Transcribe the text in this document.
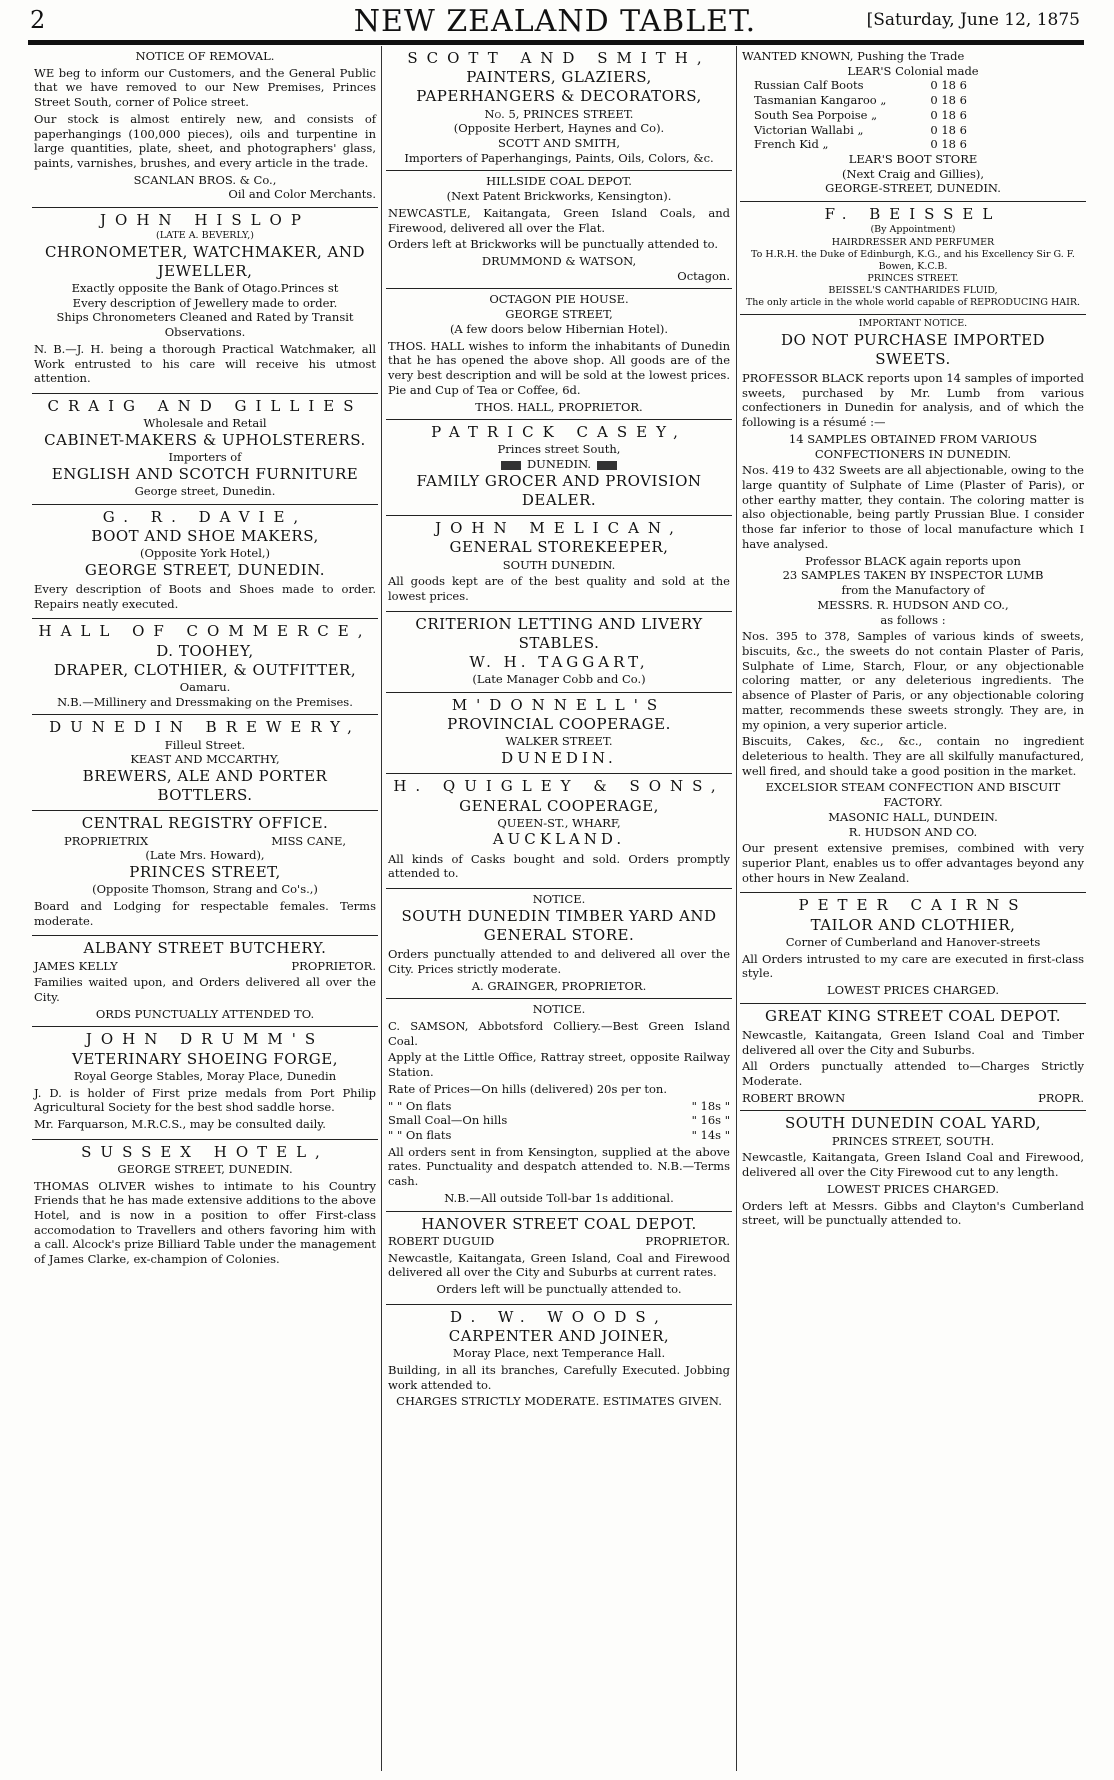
2	NEW ZEALAND TABLET.	[Saturday, June 12, 1875
NOTICE OF REMOVAL.

WE beg to inform our Customers, and the General Public that we have removed to our New Premises, Princes Street South, corner of Police street.

Our stock is almost entirely new, and consists of paperhangings (100,000 pieces), oils and turpentine in large quantities, plate, sheet, and photographers' glass, paints, varnishes, brushes, and every article in the trade.

SCANLAN BROS. & Co.,
Oil and Color Merchants.
JOHN HISLOP
(LATE A. BEVERLY,)
CHRONOMETER, WATCHMAKER, AND JEWELLER,
Exactly opposite the Bank of Otago.Princes st
Every description of Jewellery made to order.
Ships Chronometers Cleaned and Rated by Transit Observations.

N. B.—J. H. being a thorough Practical Watchmaker, all Work entrusted to his care will receive his utmost attention.

CRAIG AND GILLIES
Wholesale and Retail
CABINET-MAKERS & UPHOLSTERERS.
Importers of
ENGLISH AND SCOTCH FURNITURE
George street, Dunedin.
G. R. DAVIE,
BOOT AND SHOE MAKERS,
(Opposite York Hotel,)
GEORGE STREET, DUNEDIN.

Every description of Boots and Shoes made to order. Repairs neatly executed.

HALL OF COMMERCE,
D. TOOHEY,
DRAPER, CLOTHIER, & OUTFITTER,
Oamaru.
N.B.—Millinery and Dressmaking on the Premises.
DUNEDIN BREWERY,
Filleul Street.
KEAST AND MCCARTHY,
BREWERS, ALE AND PORTER
BOTTLERS.
CENTRAL REGISTRY OFFICE.
PROPRIETRIX	MISS CANE,
(Late Mrs. Howard),
PRINCES STREET,
(Opposite Thomson, Strang and Co's.,)

Board and Lodging for respectable females. Terms moderate.

ALBANY STREET BUTCHERY.
JAMES KELLY	PROPRIETOR.

Families waited upon, and Orders delivered all over the City.

ORDS PUNCTUALLY ATTENDED TO.
JOHN DRUMM'S
VETERINARY SHOEING FORGE,
Royal George Stables, Moray Place, Dunedin

J. D. is holder of First prize medals from Port Philip Agricultural Society for the best shod saddle horse.

Mr. Farquarson, M.R.C.S., may be consulted daily.

SUSSEX HOTEL,
GEORGE STREET, DUNEDIN.

THOMAS OLIVER wishes to intimate to his Country Friends that he has made extensive additions to the above Hotel, and is now in a position to offer First-class accomodation to Travellers and others favoring him with a call. Alcock's prize Billiard Table under the management of James Clarke, ex-champion of Colonies.

SCOTT AND SMITH,
PAINTERS, GLAZIERS,
PAPERHANGERS & DECORATORS,
No. 5, PRINCES STREET.
(Opposite Herbert, Haynes and Co).
SCOTT AND SMITH,
Importers of Paperhangings, Paints, Oils, Colors, &c.
HILLSIDE COAL DEPOT.
(Next Patent Brickworks, Kensington).

NEWCASTLE, Kaitangata, Green Island Coals, and Firewood, delivered all over the Flat.

Orders left at Brickworks will be punctually attended to.

DRUMMOND & WATSON,
Octagon.
OCTAGON PIE HOUSE.
GEORGE STREET,
(A few doors below Hibernian Hotel).

THOS. HALL wishes to inform the inhabitants of Dunedin that he has opened the above shop. All goods are of the very best description and will be sold at the lowest prices. Pie and Cup of Tea or Coffee, 6d.

THOS. HALL, PROPRIETOR.
PATRICK CASEY,
Princes street South,
DUNEDIN.
FAMILY GROCER AND PROVISION
DEALER.
JOHN MELICAN,
GENERAL STOREKEEPER,
SOUTH DUNEDIN.

All goods kept are of the best quality and sold at the lowest prices.

CRITERION LETTING AND LIVERY
STABLES.
W. H. TAGGART,
(Late Manager Cobb and Co.)
M'DONNELL'S
PROVINCIAL COOPERAGE.
WALKER STREET.
DUNEDIN.
H. QUIGLEY & SONS,
GENERAL COOPERAGE,
QUEEN-ST., WHARF,
AUCKLAND.

All kinds of Casks bought and sold. Orders promptly attended to.

NOTICE.
SOUTH DUNEDIN TIMBER YARD AND GENERAL STORE.

Orders punctually attended to and delivered all over the City. Prices strictly moderate.

A. GRAINGER, PROPRIETOR.
NOTICE.

C. SAMSON, Abbotsford Colliery.—Best Green Island Coal.

Apply at the Little Office, Rattray street, opposite Railway Station.

Rate of Prices—On hills (delivered) 20s per ton.

" " On flats	" 18s "
Small Coal—On hills	" 16s "
" " On flats	" 14s "

All orders sent in from Kensington, supplied at the above rates. Punctuality and despatch attended to. N.B.—Terms cash.

N.B.—All outside Toll-bar 1s additional.
HANOVER STREET COAL DEPOT.
ROBERT DUGUID	PROPRIETOR.

Newcastle, Kaitangata, Green Island, Coal and Firewood delivered all over the City and Suburbs at current rates.

Orders left will be punctually attended to.

D. W. WOODS,
CARPENTER AND JOINER,
Moray Place, next Temperance Hall.

Building, in all its branches, Carefully Executed. Jobbing work attended to.

CHARGES STRICTLY MODERATE. ESTIMATES GIVEN.
WANTED KNOWN, Pushing the Trade
LEAR'S Colonial made
Russian Calf Boots	0 18 6
Tasmanian Kangaroo „	0 18 6
South Sea Porpoise „	0 18 6
Victorian Wallabi „	0 18 6
French Kid „	0 18 6
LEAR'S BOOT STORE
(Next Craig and Gillies),
GEORGE-STREET, DUNEDIN.
F. BEISSEL
(By Appointment)
HAIRDRESSER AND PERFUMER
To H.R.H. the Duke of Edinburgh, K.G., and his Excellency Sir G. F. Bowen, K.C.B.
PRINCES STREET.
BEISSEL'S CANTHARIDES FLUID,
The only article in the whole world capable of REPRODUCING HAIR.
IMPORTANT NOTICE.
DO NOT PURCHASE IMPORTED
SWEETS.

PROFESSOR BLACK reports upon 14 samples of imported sweets, purchased by Mr. Lumb from various confectioners in Dunedin for analysis, and of which the following is a résumé :—

14 SAMPLES OBTAINED FROM VARIOUS CONFECTIONERS IN DUNEDIN.

Nos. 419 to 432 Sweets are all abjectionable, owing to the large quantity of Sulphate of Lime (Plaster of Paris), or other earthy matter, they contain. The coloring matter is also objectionable, being partly Prussian Blue. I consider those far inferior to those of local manufacture which I have analysed.

Professor BLACK again reports upon
23 SAMPLES TAKEN BY INSPECTOR LUMB
from the Manufactory of
MESSRS. R. HUDSON AND CO.,
as follows :

Nos. 395 to 378, Samples of various kinds of sweets, biscuits, &c., the sweets do not contain Plaster of Paris, Sulphate of Lime, Starch, Flour, or any objectionable coloring matter, or any deleterious ingredients. The absence of Plaster of Paris, or any objectionable coloring matter, recommends these sweets strongly. They are, in my opinion, a very superior article.

Biscuits, Cakes, &c., &c., contain no ingredient deleterious to health. They are all skilfully manufactured, well fired, and should take a good position in the market.

EXCELSIOR STEAM CONFECTION AND BISCUIT FACTORY.
MASONIC HALL, DUNDEIN.
R. HUDSON AND CO.

Our present extensive premises, combined with very superior Plant, enables us to offer advantages beyond any other hours in New Zealand.

PETER CAIRNS
TAILOR AND CLOTHIER,
Corner of Cumberland and Hanover-streets

All Orders intrusted to my care are executed in first-class style.

LOWEST PRICES CHARGED.
GREAT KING STREET COAL DEPOT.

Newcastle, Kaitangata, Green Island Coal and Timber delivered all over the City and Suburbs.

All Orders punctually attended to—Charges Strictly Moderate.

ROBERT BROWN	PROPR.
SOUTH DUNEDIN COAL YARD,
PRINCES STREET, SOUTH.

Newcastle, Kaitangata, Green Island Coal and Firewood, delivered all over the City Firewood cut to any length.

LOWEST PRICES CHARGED.

Orders left at Messrs. Gibbs and Clayton's Cumberland street, will be punctually attended to.
